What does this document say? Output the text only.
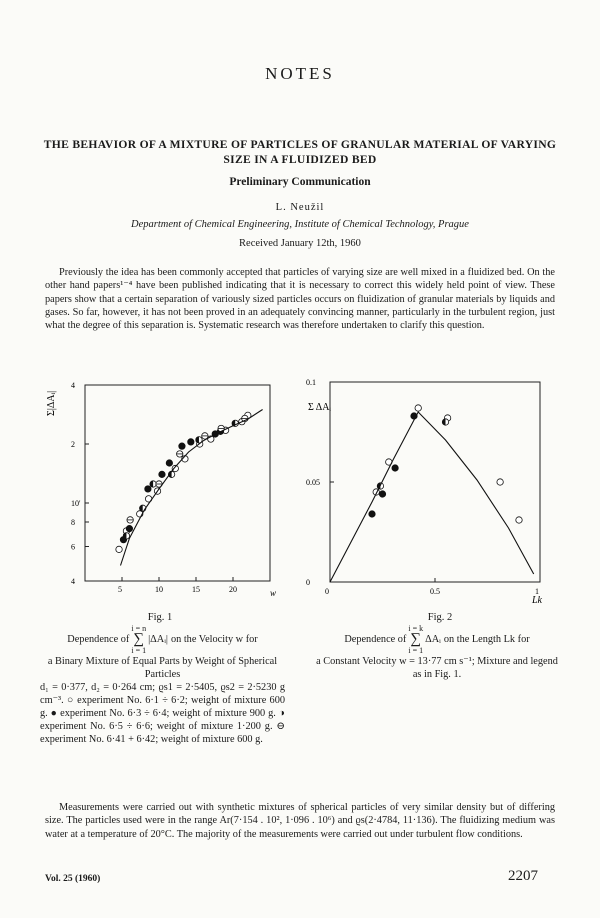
NOTES
THE BEHAVIOR OF A MIXTURE OF PARTICLES OF GRANULAR MATERIAL OF VARYING SIZE IN A FLUIDIZED BED
Preliminary Communication
L. Neužil
Department of Chemical Engineering, Institute of Chemical Technology, Prague
Received January 12th, 1960
Previously the idea has been commonly accepted that particles of varying size are well mixed in a fluidized bed. On the other hand papers¹⁻⁴ have been published indicating that it is necessary to correct this widely held point of view. These papers show that a certain separation of variously sized particles occurs on fluidization of granular materials by liquids and gases. So far, however, it has not been proved in an adequately convincing manner, particularly in the turbulent region, just what the degree of this separation is. Systematic research was therefore undertaken to clarify this question.
5	10	15	20
4
6
8
10'
2
4
Σ|ΔAᵢ|
w	0	0.5	1
0.1
0.05
0
Σ ΔAᵢ
Lk
Fig. 1
Dependence of
i = n
∑
i = 1
|ΔAᵢ| on the Velocity w for
a Binary Mixture of Equal Parts by Weight of Spherical Particles
d₁ = 0·377, d₂ = 0·264 cm; ϱs1 = 2·5405, ϱs2 = 2·5230 g cm⁻³. ○ experiment No. 6·1 ÷ 6·2; weight of mixture 600 g. ● experiment No. 6·3 ÷ 6·4; weight of mixture 900 g. ◑ experiment No. 6·5 ÷ 6·6; weight of mixture 1·200 g. ⊖ experiment No. 6·41 + 6·42; weight of mixture 600 g.
Fig. 2
Dependence of
i = k
∑
i = 1
ΔAᵢ on the Length Lk for
a Constant Velocity w = 13·77 cm s⁻¹; Mixture and legend as in Fig. 1.
Measurements were carried out with synthetic mixtures of spherical particles of very similar density but of differing size. The particles used were in the range Ar(7·154 . 10², 1·096 . 10⁶) and ϱs(2·4784, 11·136). The fluidizing medium was water at a temperature of 20°C. The majority of the measurements were carried out under turbulent flow conditions.
Vol. 25 (1960)	2207
